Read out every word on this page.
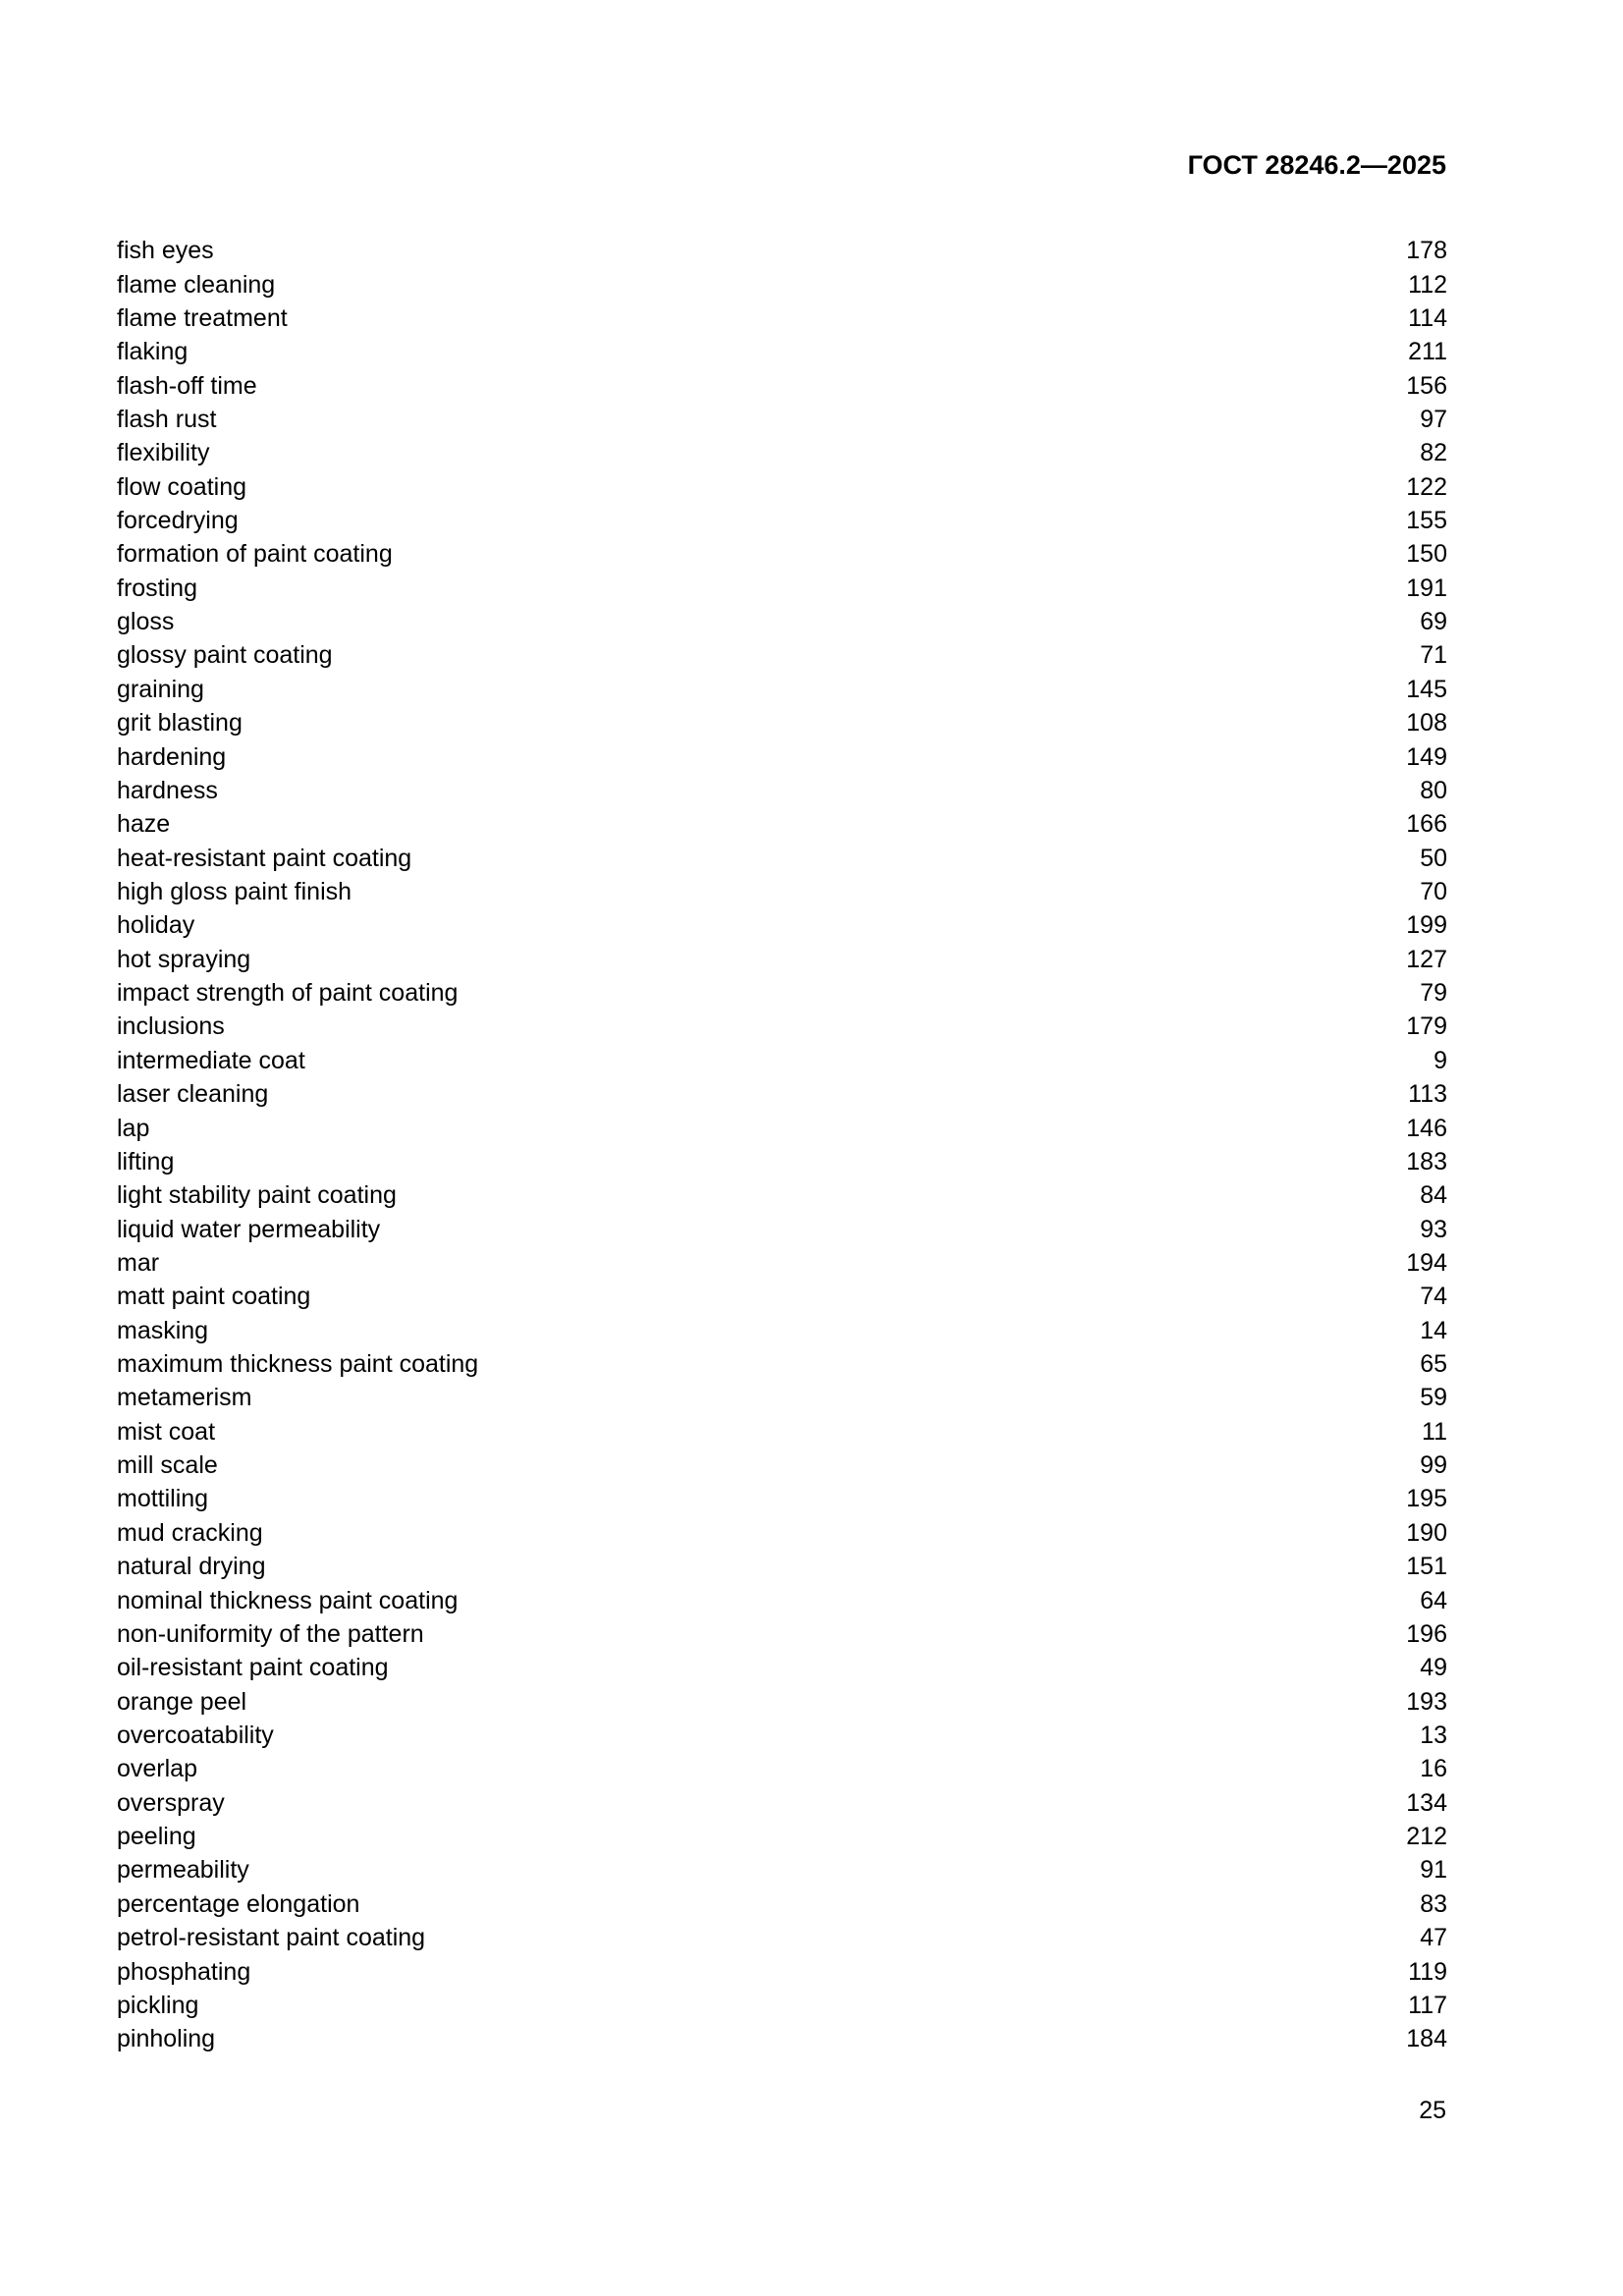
ГОСТ 28246.2—2025
fish eyes	178
flame cleaning	112
flame treatment	114
flaking	211
flash-off time	156
flash rust	97
flexibility	82
flow coating	122
forcedrying	155
formation of paint coating	150
frosting	191
gloss	69
glossy paint coating	71
graining	145
grit blasting	108
hardening	149
hardness	80
haze	166
heat-resistant paint coating	50
high gloss paint finish	70
holiday	199
hot spraying	127
impact strength of paint coating	79
inclusions	179
intermediate coat	9
laser cleaning	113
lap	146
lifting	183
light stability paint coating	84
liquid water permeability	93
mar	194
matt paint coating	74
masking	14
maximum thickness paint coating	65
metamerism	59
mist coat	11
mill scale	99
mottiling	195
mud cracking	190
natural drying	151
nominal thickness paint coating	64
non-uniformity of the pattern	196
oil-resistant paint coating	49
orange peel	193
overcoatability	13
overlap	16
overspray	134
peeling	212
permeability	91
percentage elongation	83
petrol-resistant paint coating	47
phosphating	119
pickling	117
pinholing	184
25
